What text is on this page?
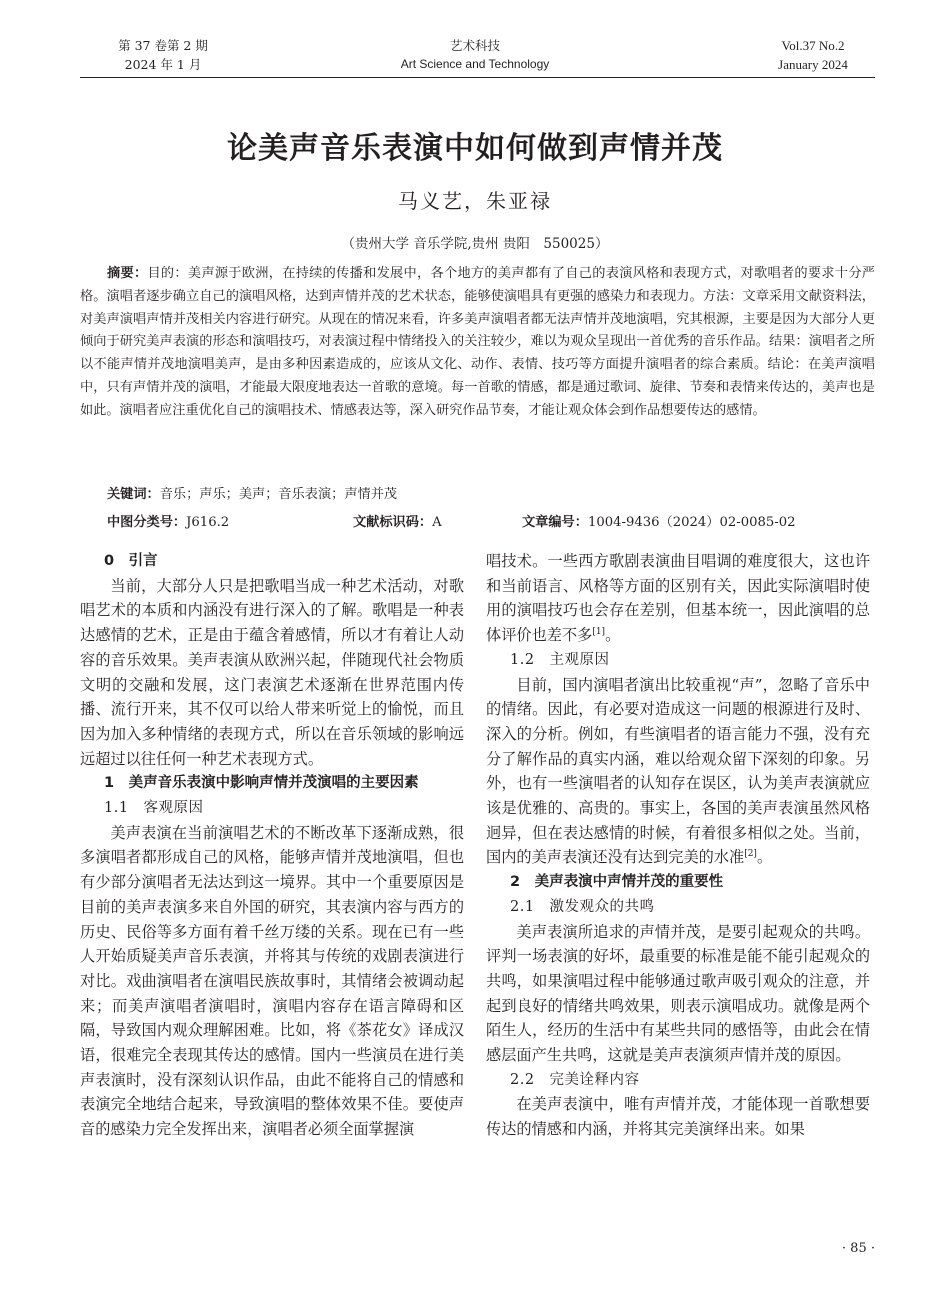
第 37 卷第 2 期
2024 年 1 月
艺术科技
Art Science and Technology
Vol.37 No.2
January 2024
论美声音乐表演中如何做到声情并茂
马义艺，朱亚禄
（贵州大学 音乐学院,贵州 贵阳　550025）

摘要：目的：美声源于欧洲，在持续的传播和发展中，各个地方的美声都有了自己的表演风格和表现方式，对歌唱者的要求十分严格。演唱者逐步确立自己的演唱风格，达到声情并茂的艺术状态，能够使演唱具有更强的感染力和表现力。方法：文章采用文献资料法，对美声演唱声情并茂相关内容进行研究。从现在的情况来看，许多美声演唱者都无法声情并茂地演唱，究其根源，主要是因为大部分人更倾向于研究美声表演的形态和演唱技巧，对表演过程中情绪投入的关注较少，难以为观众呈现出一首优秀的音乐作品。结果：演唱者之所以不能声情并茂地演唱美声，是由多种因素造成的，应该从文化、动作、表情、技巧等方面提升演唱者的综合素质。结论：在美声演唱中，只有声情并茂的演唱，才能最大限度地表达一首歌的意境。每一首歌的情感，都是通过歌词、旋律、节奏和表情来传达的，美声也是如此。演唱者应注重优化自己的演唱技术、情感表达等，深入研究作品节奏，才能让观众体会到作品想要传达的感情。

关键词：音乐；声乐；美声；音乐表演；声情并茂
中图分类号：J616.2	文献标识码：A	文章编号：1004-9436（2024）02-0085-02

0　引言

当前，大部分人只是把歌唱当成一种艺术活动，对歌唱艺术的本质和内涵没有进行深入的了解。歌唱是一种表达感情的艺术，正是由于蕴含着感情，所以才有着让人动容的音乐效果。美声表演从欧洲兴起，伴随现代社会物质文明的交融和发展，这门表演艺术逐渐在世界范围内传播、流行开来，其不仅可以给人带来听觉上的愉悦，而且因为加入多种情绪的表现方式，所以在音乐领域的影响远远超过以往任何一种艺术表现方式。

1　美声音乐表演中影响声情并茂演唱的主要因素

1.1　客观原因

美声表演在当前演唱艺术的不断改革下逐渐成熟，很多演唱者都形成自己的风格，能够声情并茂地演唱，但也有少部分演唱者无法达到这一境界。其中一个重要原因是目前的美声表演多来自外国的研究，其表演内容与西方的历史、民俗等多方面有着千丝万缕的关系。现在已有一些人开始质疑美声音乐表演，并将其与传统的戏剧表演进行对比。戏曲演唱者在演唱民族故事时，其情绪会被调动起来；而美声演唱者演唱时，演唱内容存在语言障碍和区隔，导致国内观众理解困难。比如，将《茶花女》译成汉语，很难完全表现其传达的感情。国内一些演员在进行美声表演时，没有深刻认识作品，由此不能将自己的情感和表演完全地结合起来，导致演唱的整体效果不佳。要使声音的感染力完全发挥出来，演唱者必须全面掌握演

唱技术。一些西方歌剧表演曲目唱调的难度很大，这也许和当前语言、风格等方面的区别有关，因此实际演唱时使用的演唱技巧也会存在差别，但基本统一，因此演唱的总体评价也差不多[1]。

1.2　主观原因

目前，国内演唱者演出比较重视“声”，忽略了音乐中的情绪。因此，有必要对造成这一问题的根源进行及时、深入的分析。例如，有些演唱者的语言能力不强，没有充分了解作品的真实内涵，难以给观众留下深刻的印象。另外，也有一些演唱者的认知存在误区，认为美声表演就应该是优雅的、高贵的。事实上，各国的美声表演虽然风格迥异，但在表达感情的时候，有着很多相似之处。当前，国内的美声表演还没有达到完美的水准[2]。

2　美声表演中声情并茂的重要性

2.1　激发观众的共鸣

美声表演所追求的声情并茂，是要引起观众的共鸣。评判一场表演的好坏，最重要的标准是能不能引起观众的共鸣，如果演唱过程中能够通过歌声吸引观众的注意，并起到良好的情绪共鸣效果，则表示演唱成功。就像是两个陌生人，经历的生活中有某些共同的感悟等，由此会在情感层面产生共鸣，这就是美声表演须声情并茂的原因。

2.2　完美诠释内容

在美声表演中，唯有声情并茂，才能体现一首歌想要传达的情感和内涵，并将其完美演绎出来。如果

· 85 ·
